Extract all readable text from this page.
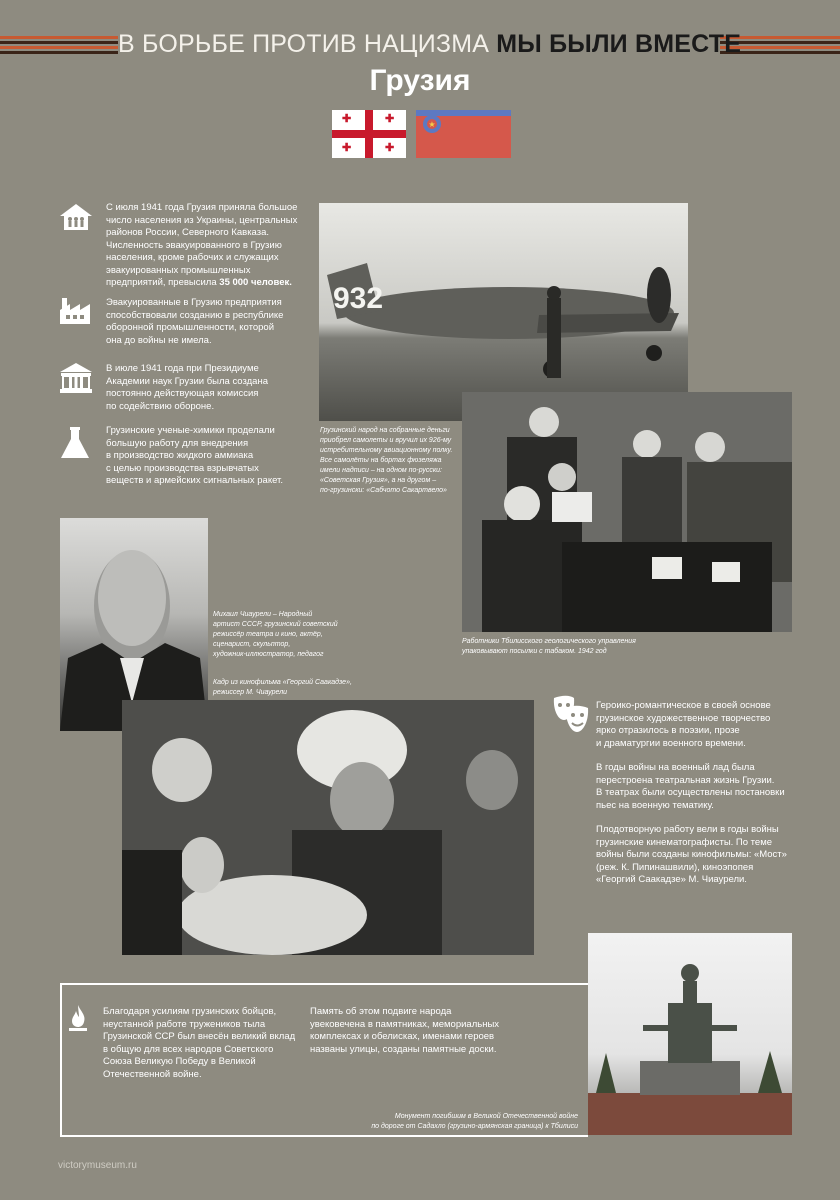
В БОРЬБЕ ПРОТИВ НАЦИЗМА МЫ БЫЛИ ВМЕСТЕ
Грузия
✚	✚
✚	✚
★
С июля 1941 года Грузия приняла большое
число населения из Украины, центральных
районов России, Северного Кавказа.
Численность эвакуированного в Грузию
населения, кроме рабочих и служащих
эвакуированных промышленных
предприятий, превысила 35 000 человек.
Эвакуированные в Грузию предприятия
способствовали созданию в республике
оборонной промышленности, которой
она до войны не имела.
В июле 1941 года при Президиуме
Академии наук Грузии была создана
постоянно действующая комиссия
по содействию обороне.
Грузинские ученые-химики проделали
большую работу для внедрения
в производство жидкого аммиака
с целью производства взрывчатых
веществ и армейских сигнальных ракет.
932
Грузинский народ на собранные деньги
приобрел самолеты и вручил их 926-му
истребительному авиационному полку.
Все самолёты на бортах фюзеляжа
имели надписи – на одном по-русски:
«Советская Грузия», а на другом –
по-грузински: «Сабчото Сакартвело»
Работники Тбилисского геологического управления
упаковывают посылки с табаком. 1942 год
Михаил Чиаурели – Народный
артист СССР, грузинский советский
режиссёр театра и кино, актёр,
сценарист, скульптор,
художник-иллюстратор, педагог
Кадр из кинофильма «Георгий Саакадзе»,
режиссер М. Чиаурели
Героико-романтическое в своей основе
грузинское художественное творчество
ярко отразилось в поэзии, прозе
и драматургии военного времени.
В годы войны на военный лад была
перестроена театральная жизнь Грузии.
В театрах были осуществлены постановки
пьес на военную тематику.
Плодотворную работу вели в годы войны
грузинские кинематографисты. По теме
войны были созданы кинофильмы: «Мост»
(реж. К. Пипинашвили), киноэпопея
«Георгий Саакадзе» М. Чиаурели.
Благодаря усилиям грузинских бойцов,
неустанной работе тружеников тыла
Грузинской ССР был внесён великий вклад
в общую для всех народов Советского
Союза Великую Победу в Великой
Отечественной войне.
Память об этом подвиге народа
увековечена в памятниках, мемориальных
комплексах и обелисках, именами героев
названы улицы, созданы памятные доски.
Монумент погибшим в Великой Отечественной войне
по дороге от Садахло (грузино-армянская граница) к Тбилиси
victorymuseum.ru
